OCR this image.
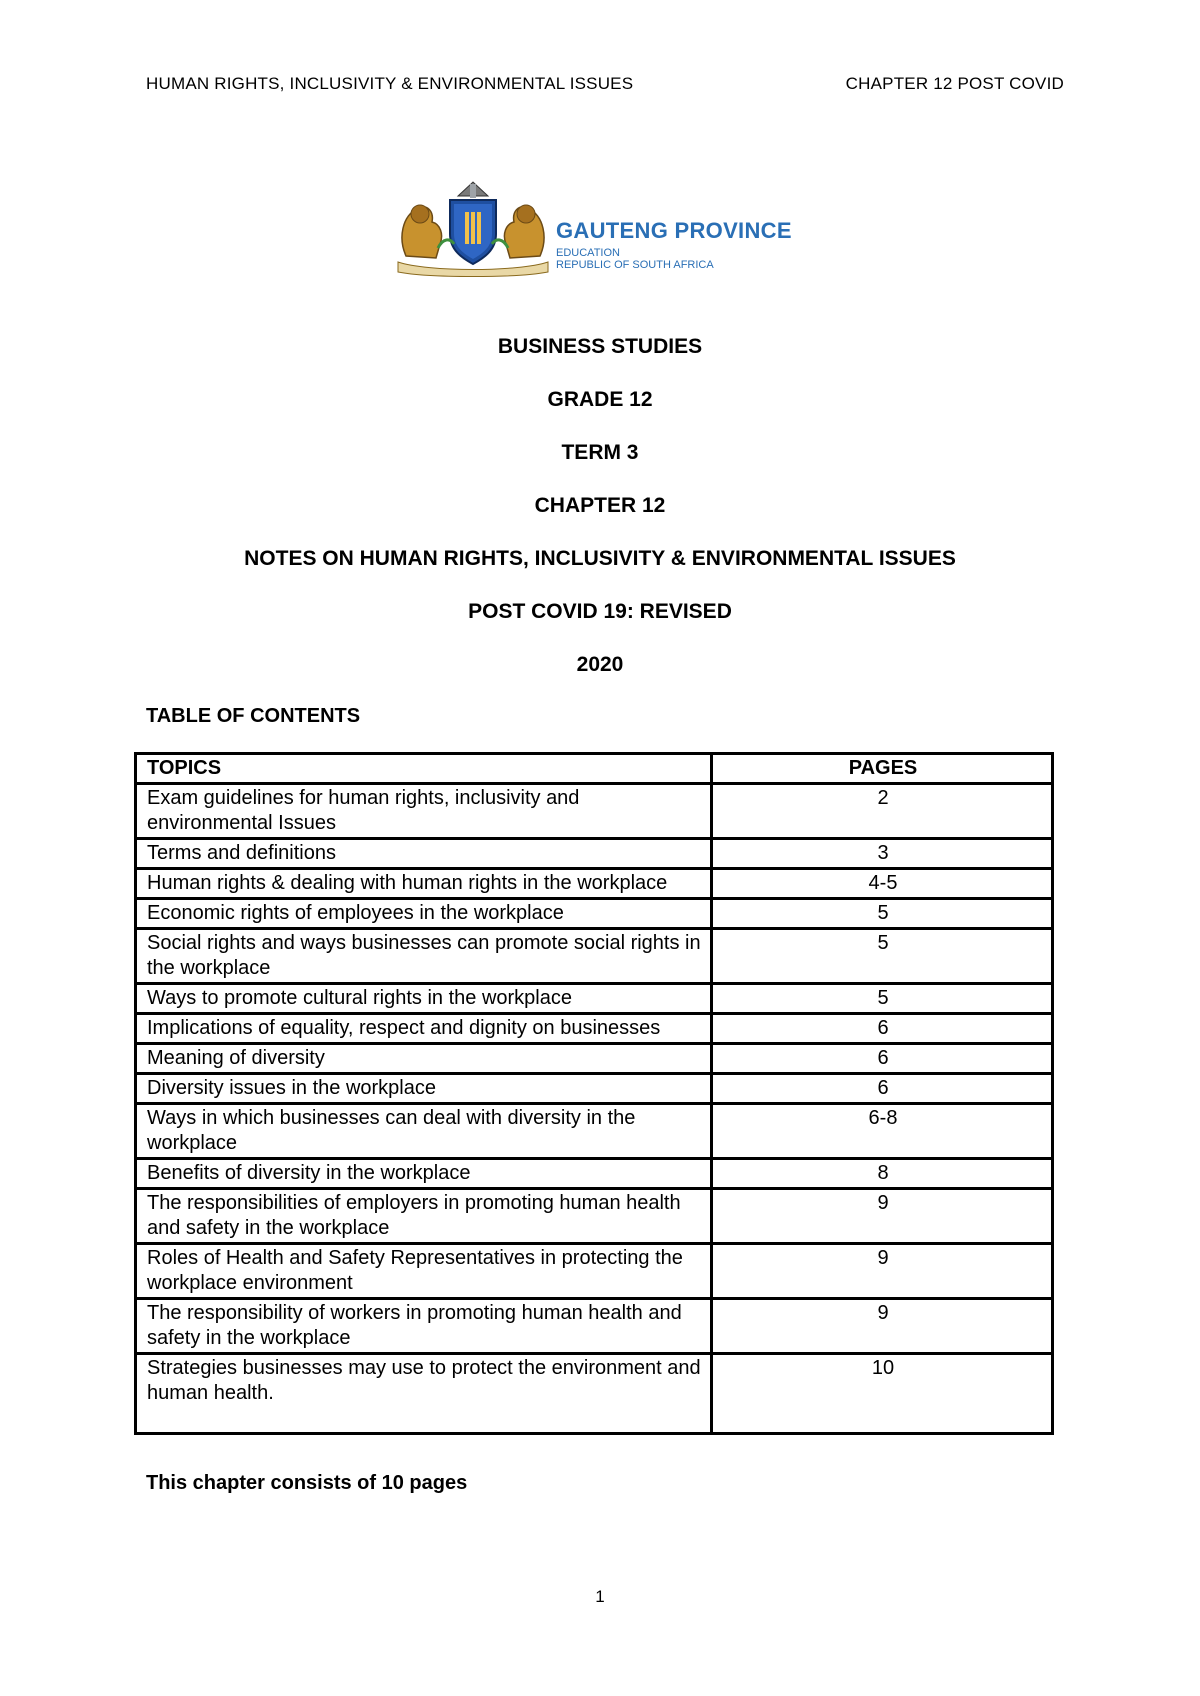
HUMAN RIGHTS, INCLUSIVITY & ENVIRONMENTAL ISSUES	CHAPTER 12 POST COVID
GAUTENG PROVINCE
EDUCATION
REPUBLIC OF SOUTH AFRICA
BUSINESS STUDIES
GRADE 12
TERM 3
CHAPTER 12
NOTES ON HUMAN RIGHTS, INCLUSIVITY & ENVIRONMENTAL ISSUES
POST COVID 19: REVISED
2020
TABLE OF CONTENTS
TOPICS	PAGES
Exam guidelines for human rights, inclusivity and environmental Issues	2
Terms and definitions	3
Human rights & dealing with human rights in the workplace	4-5
Economic rights of employees in the workplace	5
Social rights and ways businesses can promote social rights in the workplace	5
Ways to promote cultural rights in the workplace	5
Implications of equality, respect and dignity on businesses	6
Meaning of diversity	6
Diversity issues in the workplace	6
Ways in which businesses can deal with diversity in the workplace	6-8
Benefits of diversity in the workplace	8
The responsibilities of employers in promoting human health and safety in the workplace	9
Roles of Health and Safety Representatives in protecting the workplace environment	9
The responsibility of workers in promoting human health and safety in the workplace	9
Strategies businesses may use to protect the environment and human health.	10
This chapter consists of 10 pages
1
